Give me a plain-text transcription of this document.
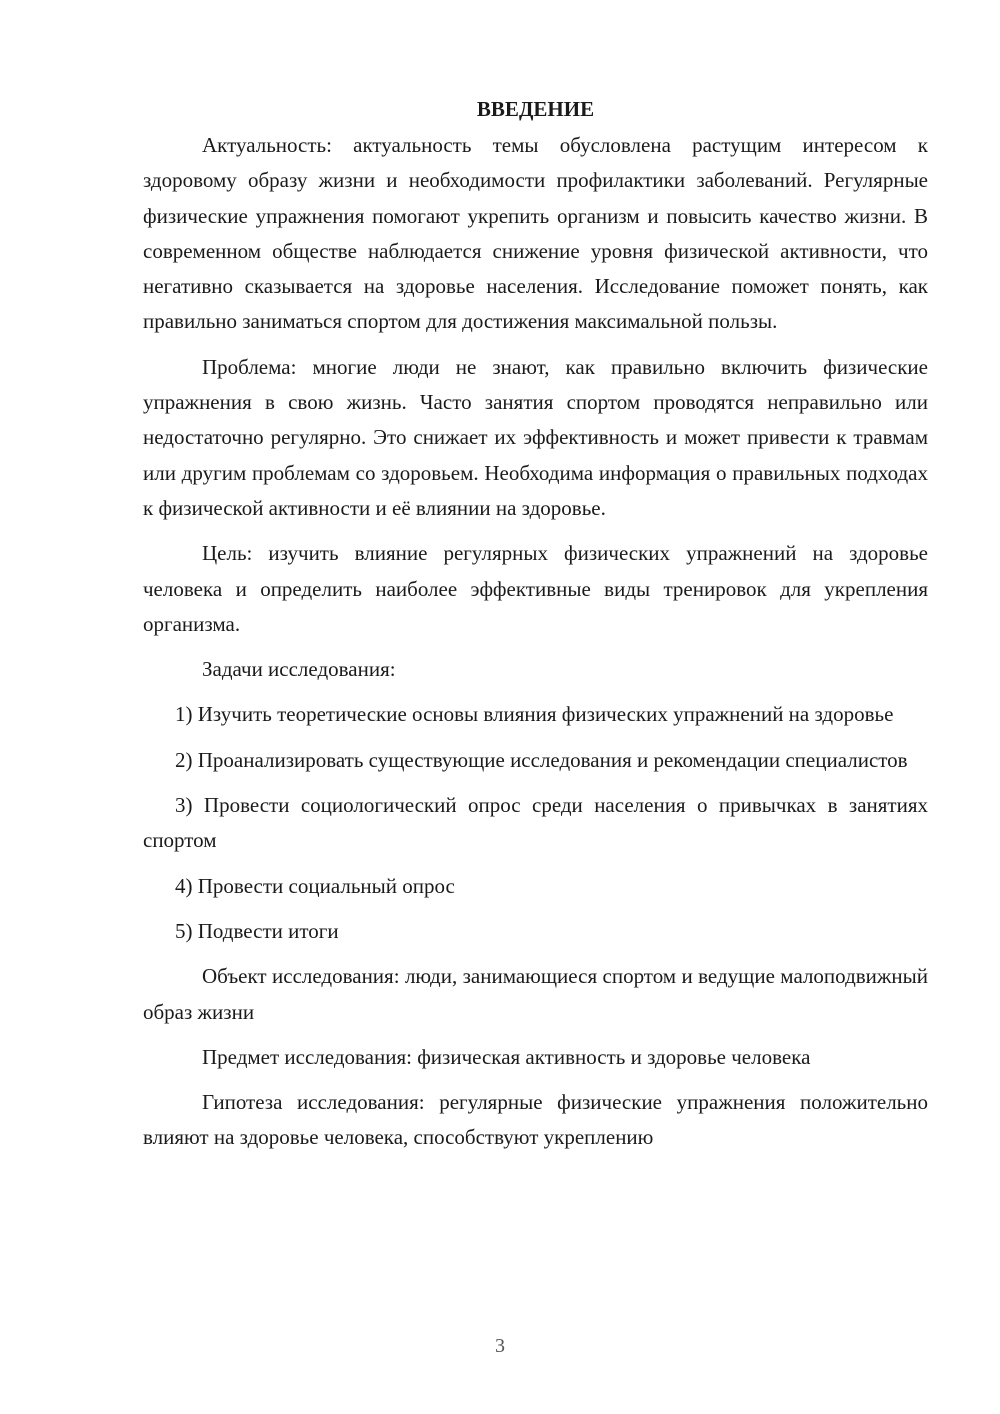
ВВЕДЕНИЕ

Актуальность: актуальность темы обусловлена растущим интересом к здоровому образу жизни и необходимости профилактики заболеваний. Регулярные физические упражнения помогают укрепить организм и повысить качество жизни. В современном обществе наблюдается снижение уровня физической активности, что негативно сказывается на здоровье населения. Исследование поможет понять, как правильно заниматься спортом для достижения максимальной пользы.

Проблема: многие люди не знают, как правильно включить физические упражнения в свою жизнь. Часто занятия спортом проводятся неправильно или недостаточно регулярно. Это снижает их эффективность и может привести к травмам или другим проблемам со здоровьем. Необходима информация о правильных подходах к физической активности и её влиянии на здоровье.

Цель: изучить влияние регулярных физических упражнений на здоровье человека и определить наиболее эффективные виды тренировок для укрепления организма.

Задачи исследования:

1) Изучить теоретические основы влияния физических упражнений на здоровье

2) Проанализировать существующие исследования и рекомендации специалистов

3) Провести социологический опрос среди населения о привычках в занятиях спортом

4) Провести социальный опрос

5) Подвести итоги

Объект исследования: люди, занимающиеся спортом и ведущие малоподвижный образ жизни

Предмет исследования: физическая активность и здоровье человека

Гипотеза исследования: регулярные физические упражнения положительно влияют на здоровье человека, способствуют укреплению

3
